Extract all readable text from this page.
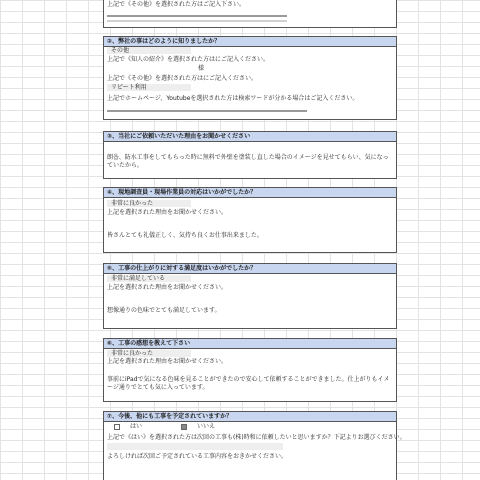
上記で《その他》を選択された方はご記入下さい。
②、弊社の事はどのように知りましたか？
その他
上記で《知人の紹介》を選択された方はにご記入ください。
様
上記で《その他》を選択された方はにご記入ください。
リピート利用
上記でホームページ、Youtubeを選択された方は検索ワードが分かる場合はご記入ください。
③、当社にご依頼いただいた理由をお聞かせください
朗읍、防水工事をしてもらった時に無料で外壁を塗装し直した場合のイメージを見せてもらい、気になっていたから。
④、現地調査員・現場作業員の対応はいかがでしたか？
非常に良かった
上記を選択された理由をお聞かせください。
皆さんとても礼儀正しく、気持ち良くお仕事出来ました。
⑤、工事の仕上がりに対する満足度はいかがでしたか？
非常に満足している
上記を選択された理由をお聞かせください。
想像通りの色味でとても満足しています。
⑥、工事の感想を教えて下さい
非常に良かった
上記を選択された理由をお聞かせください。
事前にiPadで気になる色味を見ることができたので安心して依頼することができました。仕上がりもイメージ通りでとても気に入っています。
⑦、今後、他にも工事を予定されていますか？
はい	いいえ
上記で《はい》を選択された方は次回の工事も(株)時和に依頼したいと思いますか？下記よりお選びください。
よろしければ次回ご予定されている工事内容をおきかせください。
